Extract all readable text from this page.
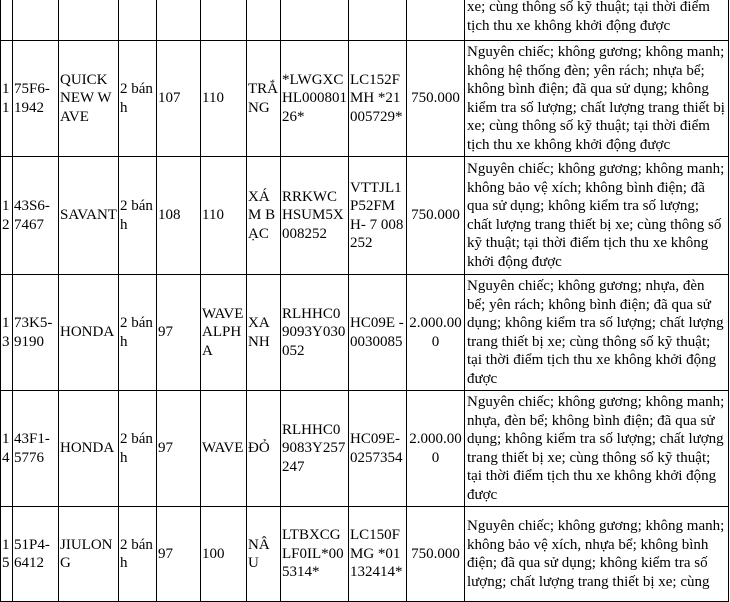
										xe; cùng thông số kỹ thuật; tại thời điểm tịch thu xe không khởi động được
11	75F6-1942	QUICKNEW WAVE	2 bánh	107	110	TRẮNG	*LWGXCHL00080126*	LC152FMH *21005729*	750.000	Nguyên chiếc; không gương; không manh; không hệ thống đèn; yên rách; nhựa bể; không bình điện; đã qua sử dụng; không kiểm tra số lượng; chất lượng trang thiết bị xe; cùng thông số kỹ thuật; tại thời điểm tịch thu xe không khởi động được
12	43S6-7467	SAVANT	2 bánh	108	110	XÁM BẠC	RRKWCHSUM5X008252	VTTJL1P52FMH- 7 008252	750.000	Nguyên chiếc; không gương; không manh; không bảo vệ xích; không bình điện; đã qua sử dụng; không kiểm tra số lượng; chất lượng trang thiết bị xe; cùng thông số kỹ thuật; tại thời điểm tịch thu xe không khởi động được
13	73K5-9190	HONDA	2 bánh	97	WAVE ALPHA	XANH	RLHHC09093Y030052	HC09E - 0030085	2.000.000	Nguyên chiếc; không gương; nhựa, đèn bể; yên rách; không bình điện; đã qua sử dụng; không kiểm tra số lượng; chất lượng trang thiết bị xe; cùng thông số kỹ thuật; tại thời điểm tịch thu xe không khởi động được
14	43F1-5776	HONDA	2 bánh	97	WAVE	ĐỎ	RLHHC09083Y257247	HC09E-0257354	2.000.000	Nguyên chiếc; không gương; không manh; nhựa, đèn bể; không bình điện; đã qua sử dụng; không kiểm tra số lượng; chất lượng trang thiết bị xe; cùng thông số kỹ thuật; tại thời điểm tịch thu xe không khởi động được
15	51P4-6412	JIULONG	2 bánh	97	100	NÂU	LTBXCGLF0IL*005314*	LC150FMG *01132414*	750.000	Nguyên chiếc; không gương; không manh; không bảo vệ xích, nhựa bể; không bình điện; đã qua sử dụng; không kiểm tra số lượng; chất lượng trang thiết bị xe; cùng
